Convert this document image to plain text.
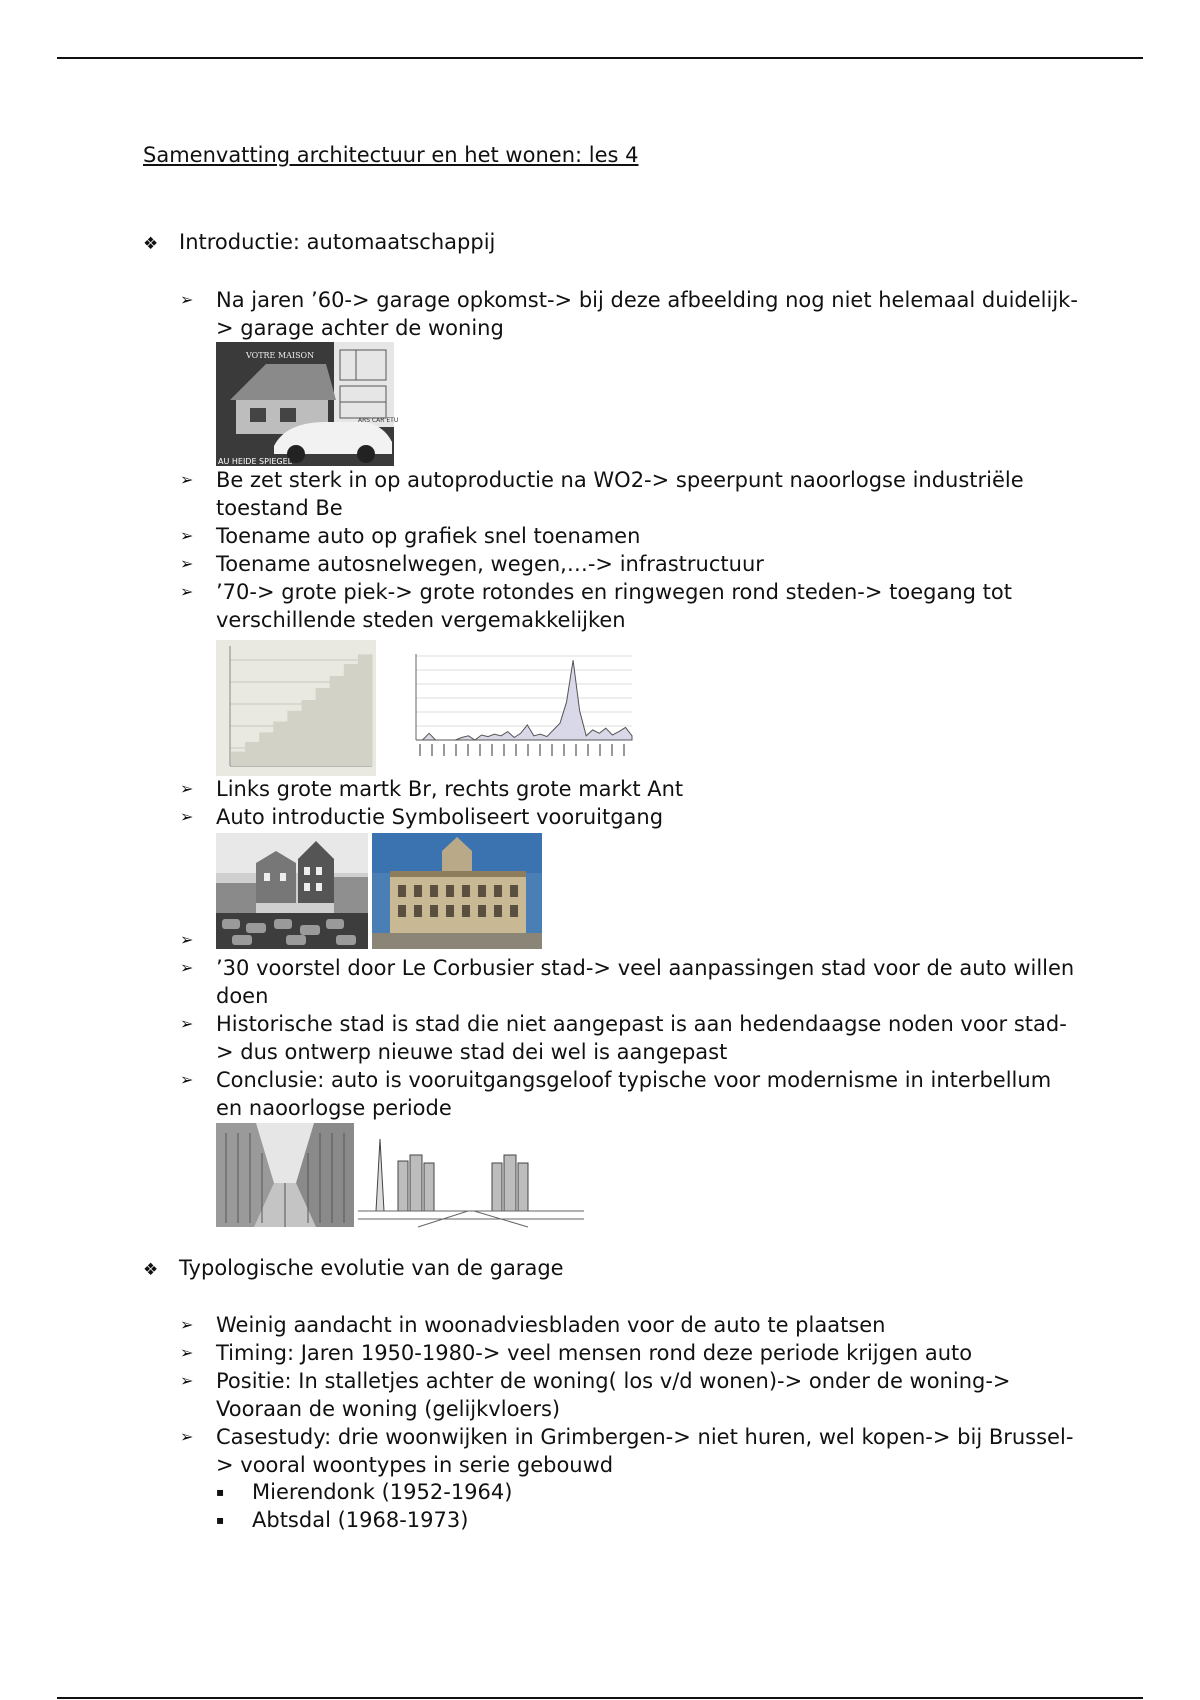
Samenvatting architectuur en het wonen: les 4
❖ Introductie: automaatschappij
➢ Na jaren ’60-> garage opkomst-> bij deze afbeelding nog niet helemaal duidelijk-> garage achter de woning
VOTRE MAISON
ARS CAR ETU
AU HEIDE SPIEGEL
➢ Be zet sterk in op autoproductie na WO2-> speerpunt naoorlogse industriële toestand Be
➢ Toename auto op grafiek snel toenamen
➢ Toename autosnelwegen, wegen,…-> infrastructuur
➢ ’70-> grote piek-> grote rotondes en ringwegen rond steden-> toegang tot verschillende steden vergemakkelijken
➢ Links grote martk Br, rechts grote markt Ant
➢ Auto introductie Symboliseert vooruitgang
➢
➢ ’30 voorstel door Le Corbusier stad-> veel aanpassingen stad voor de auto willen doen
➢ Historische stad is stad die niet aangepast is aan hedendaagse noden voor stad-> dus ontwerp nieuwe stad dei wel is aangepast
➢ Conclusie: auto is vooruitgangsgeloof typische voor modernisme in interbellum en naoorlogse periode
❖ Typologische evolutie van de garage
➢ Weinig aandacht in woonadviesbladen voor de auto te plaatsen
➢ Timing: Jaren 1950-1980-> veel mensen rond deze periode krijgen auto
➢ Positie: In stalletjes achter de woning( los v/d wonen)-> onder de woning-> Vooraan de woning (gelijkvloers)
➢ Casestudy: drie woonwijken in Grimbergen-> niet huren, wel kopen-> bij Brussel-> vooral woontypes in serie gebouwd
▪ Mierendonk (1952-1964)
▪ Abtsdal (1968-1973)
